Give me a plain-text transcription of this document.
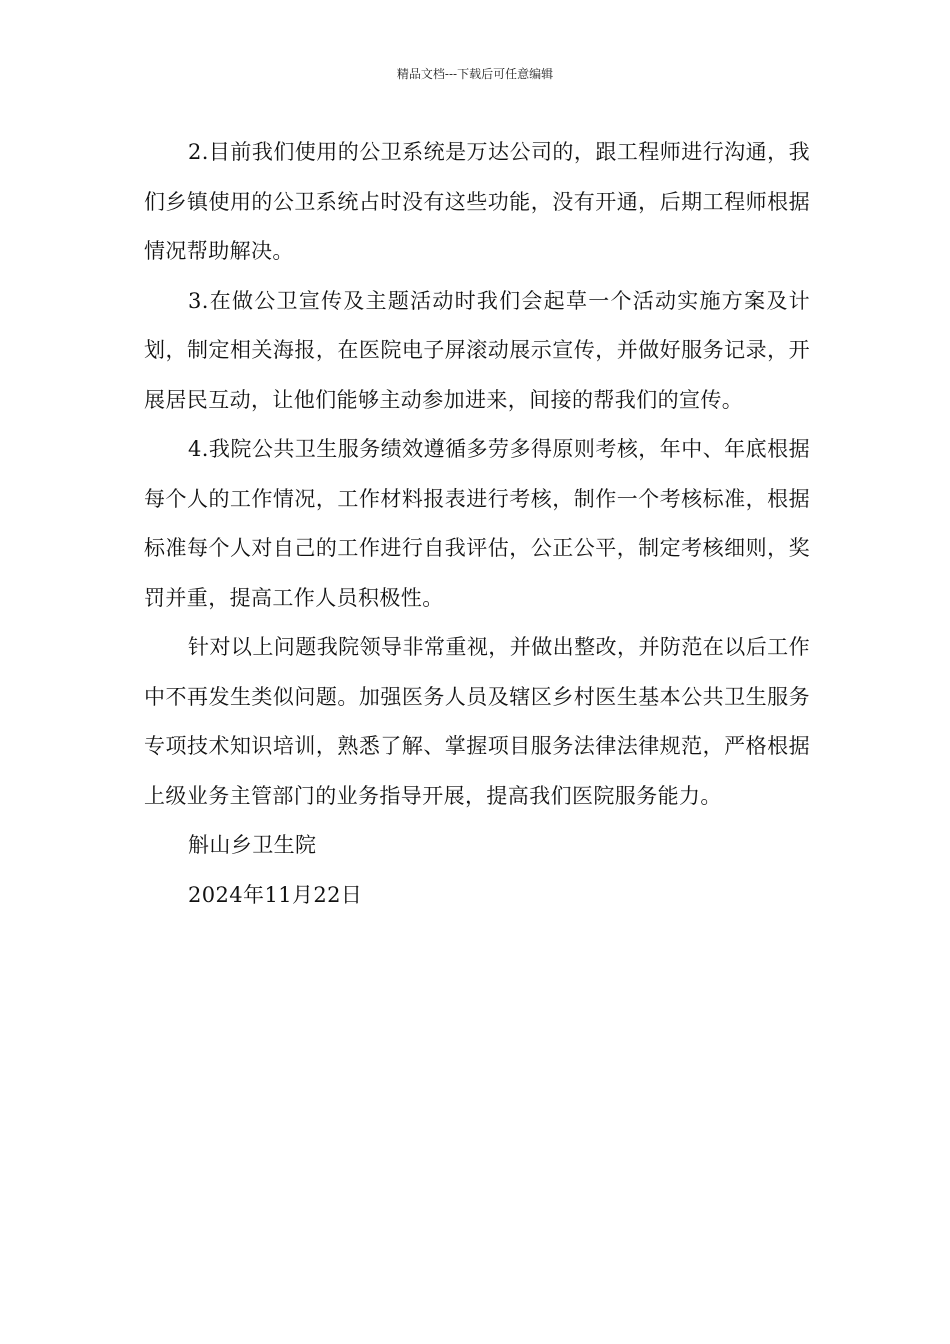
精品文档---下载后可任意编辑

2.目前我们使用的公卫系统是万达公司的，跟工程师进行沟通，我们乡镇使用的公卫系统占时没有这些功能，没有开通，后期工程师根据情况帮助解决。

3.在做公卫宣传及主题活动时我们会起草一个活动实施方案及计划，制定相关海报，在医院电子屏滚动展示宣传，并做好服务记录，开展居民互动，让他们能够主动参加进来，间接的帮我们的宣传。

4.我院公共卫生服务绩效遵循多劳多得原则考核，年中、年底根据每个人的工作情况，工作材料报表进行考核，制作一个考核标准，根据标准每个人对自己的工作进行自我评估，公正公平，制定考核细则，奖罚并重，提高工作人员积极性。

针对以上问题我院领导非常重视，并做出整改，并防范在以后工作中不再发生类似问题。加强医务人员及辖区乡村医生基本公共卫生服务专项技术知识培训，熟悉了解、掌握项目服务法律法律规范，严格根据上级业务主管部门的业务指导开展，提高我们医院服务能力。

斛山乡卫生院

2024年11月22日
